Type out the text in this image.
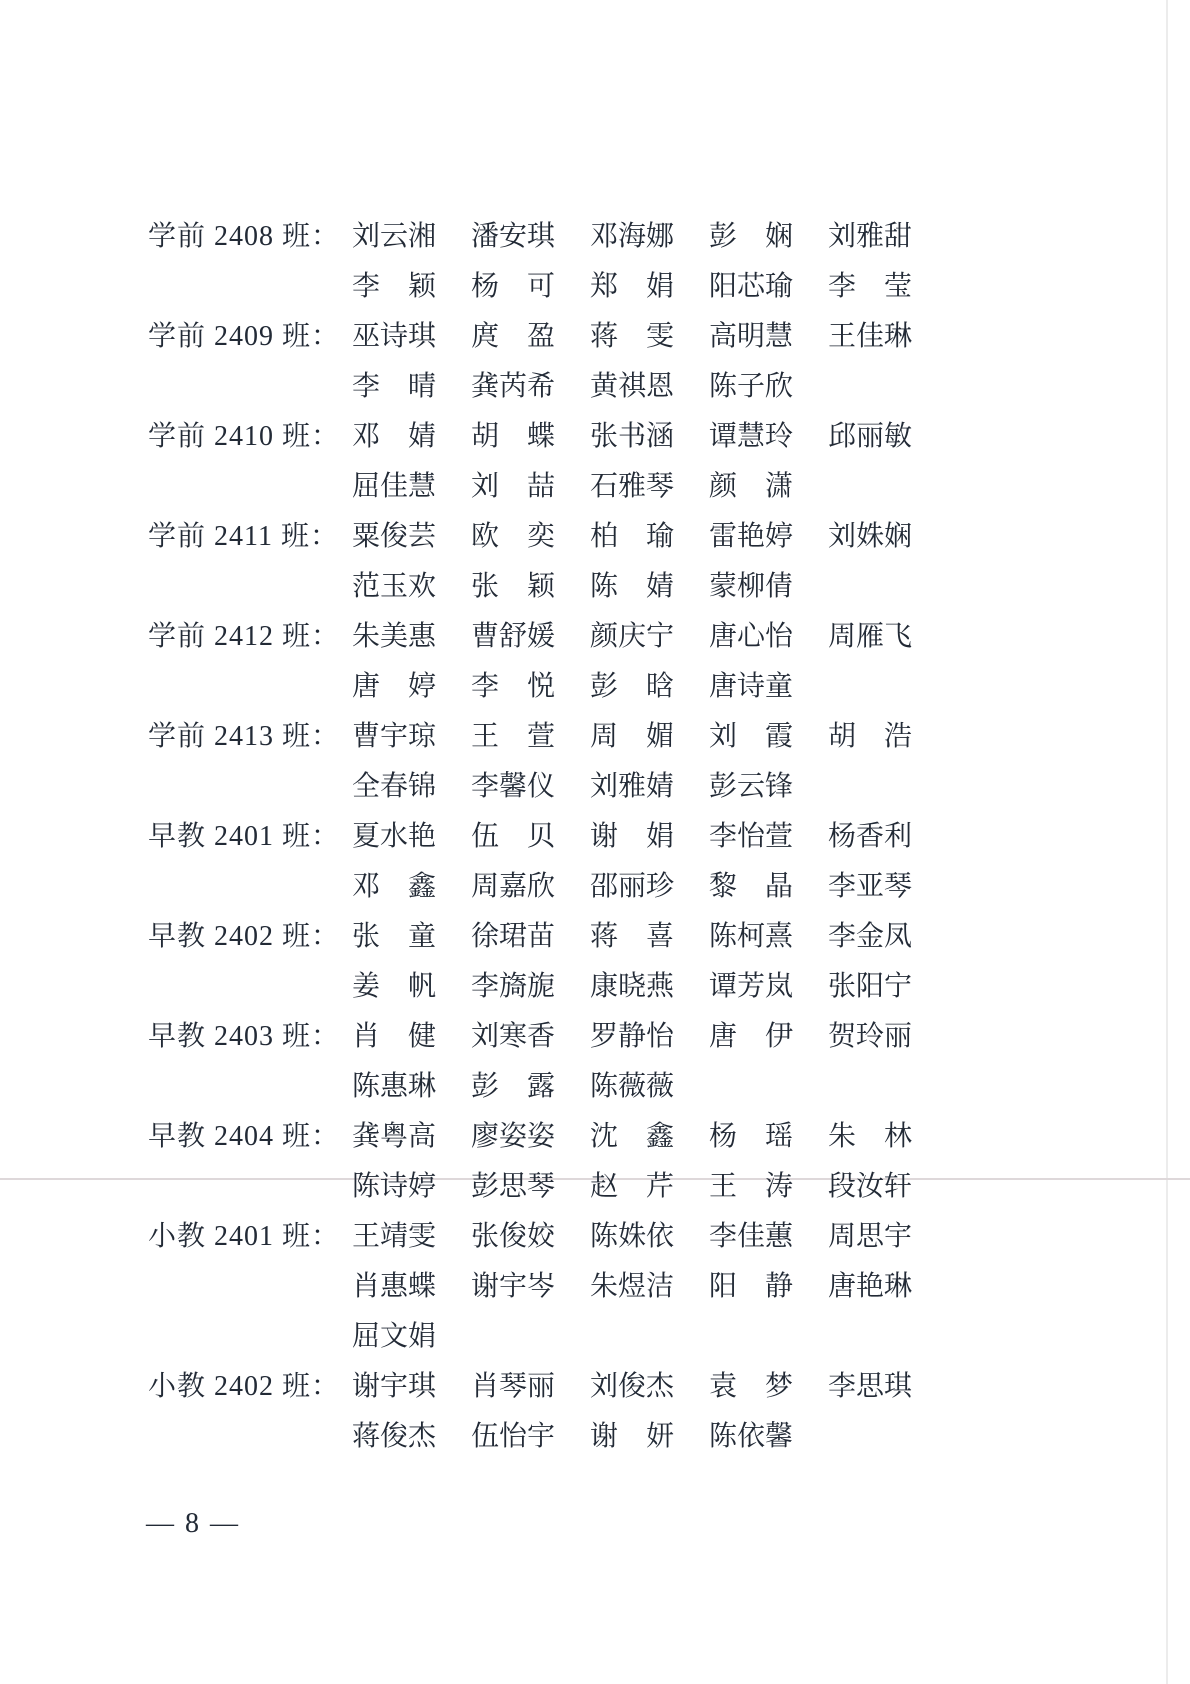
学前 2408 班： 刘云湘 潘安琪 邓海娜 彭　娴 刘雅甜
李　颖 杨　可 郑　娟 阳芯瑜 李　莹
学前 2409 班： 巫诗琪 庹　盈 蒋　雯 高明慧 王佳琳
李　晴 龚芮希 黄祺恩 陈子欣
学前 2410 班： 邓　婧 胡　蝶 张书涵 谭慧玲 邱丽敏
屈佳慧 刘　喆 石雅琴 颜　潇
学前 2411 班： 粟俊芸 欧　奕 柏　瑜 雷艳婷 刘姝娴
范玉欢 张　颖 陈　婧 蒙柳倩
学前 2412 班： 朱美惠 曹舒媛 颜庆宁 唐心怡 周雁飞
唐　婷 李　悦 彭　晗 唐诗童
学前 2413 班： 曹宇琼 王　萱 周　媚 刘　霞 胡　浩
全春锦 李馨仪 刘雅婧 彭云锋
早教 2401 班： 夏水艳 伍　贝 谢　娟 李怡萱 杨香利
邓　鑫 周嘉欣 邵丽珍 黎　晶 李亚琴
早教 2402 班： 张　童 徐珺苗 蒋　喜 陈柯熹 李金凤
姜　帆 李旖旎 康晓燕 谭芳岚 张阳宁
早教 2403 班： 肖　健 刘寒香 罗静怡 唐　伊 贺玲丽
陈惠琳 彭　露 陈薇薇
早教 2404 班： 龚粤高 廖姿姿 沈　鑫 杨　瑶 朱　林
陈诗婷 彭思琴 赵　芹 王　涛 段汝轩
小教 2401 班： 王靖雯 张俊姣 陈姝依 李佳蕙 周思宇
肖惠蝶 谢宇岑 朱煜洁 阳　静 唐艳琳
屈文娟
小教 2402 班： 谢宇琪 肖琴丽 刘俊杰 袁　梦 李思琪
蒋俊杰 伍怡宇 谢　妍 陈依馨
— 8 —
